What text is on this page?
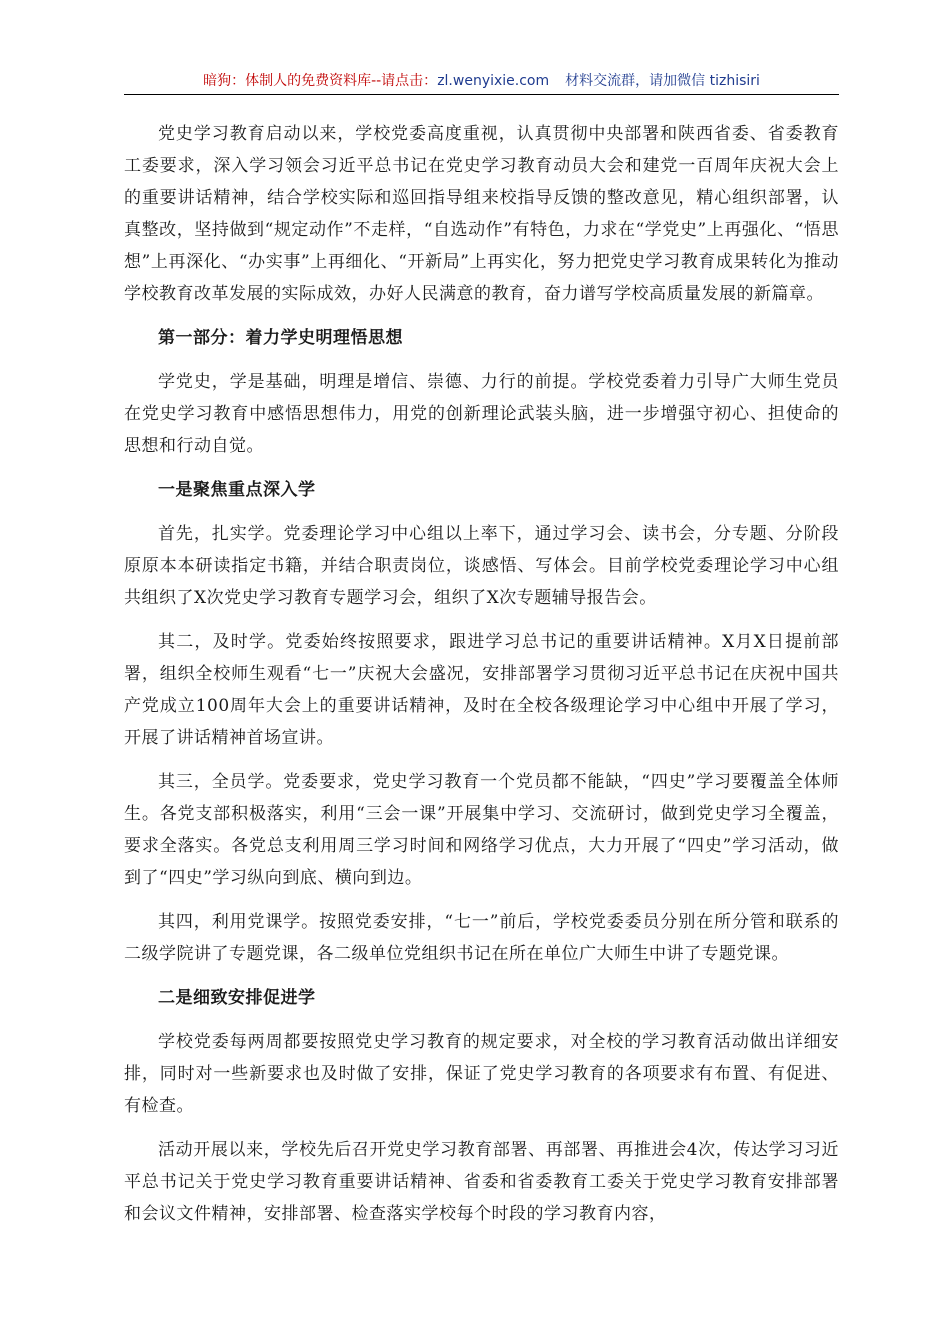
暗狗：体制人的免费资料库--请点击：zl.wenyixie.com 材料交流群，请加微信 tizhisiri

党史学习教育启动以来，学校党委高度重视，认真贯彻中央部署和陕西省委、省委教育工委要求，深入学习领会习近平总书记在党史学习教育动员大会和建党一百周年庆祝大会上的重要讲话精神，结合学校实际和巡回指导组来校指导反馈的整改意见，精心组织部署，认真整改，坚持做到“规定动作”不走样，“自选动作”有特色，力求在“学党史”上再强化、“悟思想”上再深化、“办实事”上再细化、“开新局”上再实化，努力把党史学习教育成果转化为推动学校教育改革发展的实际成效，办好人民满意的教育，奋力谱写学校高质量发展的新篇章。

第一部分：着力学史明理悟思想

学党史，学是基础，明理是增信、崇德、力行的前提。学校党委着力引导广大师生党员在党史学习教育中感悟思想伟力，用党的创新理论武装头脑，进一步增强守初心、担使命的思想和行动自觉。

一是聚焦重点深入学

首先，扎实学。党委理论学习中心组以上率下，通过学习会、读书会，分专题、分阶段原原本本研读指定书籍，并结合职责岗位，谈感悟、写体会。目前学校党委理论学习中心组共组织了X次党史学习教育专题学习会，组织了X次专题辅导报告会。

其二，及时学。党委始终按照要求，跟进学习总书记的重要讲话精神。X月X日提前部署，组织全校师生观看“七一”庆祝大会盛况，安排部署学习贯彻习近平总书记在庆祝中国共产党成立100周年大会上的重要讲话精神，及时在全校各级理论学习中心组中开展了学习，开展了讲话精神首场宣讲。

其三，全员学。党委要求，党史学习教育一个党员都不能缺，“四史”学习要覆盖全体师生。各党支部积极落实，利用“三会一课”开展集中学习、交流研讨，做到党史学习全覆盖，要求全落实。各党总支利用周三学习时间和网络学习优点，大力开展了“四史”学习活动，做到了“四史”学习纵向到底、横向到边。

其四，利用党课学。按照党委安排，“七一”前后，学校党委委员分别在所分管和联系的二级学院讲了专题党课，各二级单位党组织书记在所在单位广大师生中讲了专题党课。

二是细致安排促进学

学校党委每两周都要按照党史学习教育的规定要求，对全校的学习教育活动做出详细安排，同时对一些新要求也及时做了安排，保证了党史学习教育的各项要求有布置、有促进、有检查。

活动开展以来，学校先后召开党史学习教育部署、再部署、再推进会4次，传达学习习近平总书记关于党史学习教育重要讲话精神、省委和省委教育工委关于党史学习教育安排部署和会议文件精神，安排部署、检查落实学校每个时段的学习教育内容，
